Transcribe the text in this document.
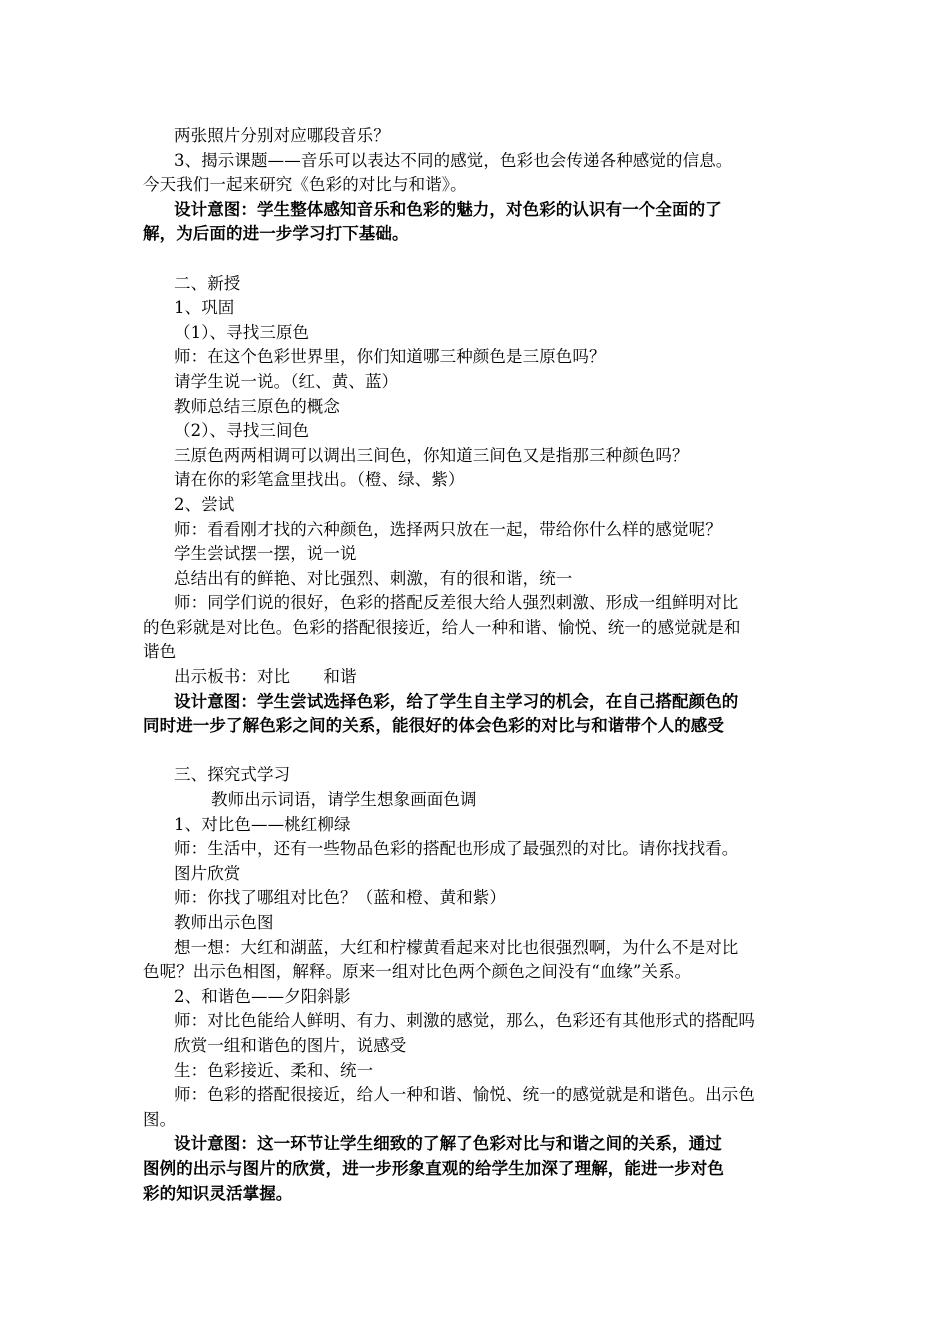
两张照片分别对应哪段音乐？
3、揭示课题——音乐可以表达不同的感觉，色彩也会传递各种感觉的信息。
今天我们一起来研究《色彩的对比与和谐》。
设计意图：学生整体感知音乐和色彩的魅力，对色彩的认识有一个全面的了
解，为后面的进一步学习打下基础。
二、新授
1、巩固
（1）、寻找三原色
师：在这个色彩世界里，你们知道哪三种颜色是三原色吗？
请学生说一说。（红、黄、蓝）
教师总结三原色的概念
（2）、寻找三间色
三原色两两相调可以调出三间色，你知道三间色又是指那三种颜色吗？
请在你的彩笔盒里找出。（橙、绿、紫）
2、尝试
师：看看刚才找的六种颜色，选择两只放在一起，带给你什么样的感觉呢？
学生尝试摆一摆，说一说
总结出有的鲜艳、对比强烈、刺激，有的很和谐，统一
师：同学们说的很好，色彩的搭配反差很大给人强烈刺激、形成一组鲜明对比
的色彩就是对比色。色彩的搭配很接近，给人一种和谐、愉悦、统一的感觉就是和
谐色
出示板书：对比　　和谐
设计意图：学生尝试选择色彩，给了学生自主学习的机会，在自己搭配颜色的
同时进一步了解色彩之间的关系，能很好的体会色彩的对比与和谐带个人的感受
三、探究式学习
教师出示词语，请学生想象画面色调
1、对比色——桃红柳绿
师：生活中，还有一些物品色彩的搭配也形成了最强烈的对比。请你找找看。
图片欣赏
师：你找了哪组对比色？（蓝和橙、黄和紫）
教师出示色图
想一想：大红和湖蓝，大红和柠檬黄看起来对比也很强烈啊，为什么不是对比
色呢？出示色相图，解释。原来一组对比色两个颜色之间没有“血缘”关系。
2、和谐色——夕阳斜影
师：对比色能给人鲜明、有力、刺激的感觉，那么，色彩还有其他形式的搭配吗
欣赏一组和谐色的图片，说感受
生：色彩接近、柔和、统一
师：色彩的搭配很接近，给人一种和谐、愉悦、统一的感觉就是和谐色。出示色
图。
设计意图：这一环节让学生细致的了解了色彩对比与和谐之间的关系，通过
图例的出示与图片的欣赏，进一步形象直观的给学生加深了理解，能进一步对色
彩的知识灵活掌握。
